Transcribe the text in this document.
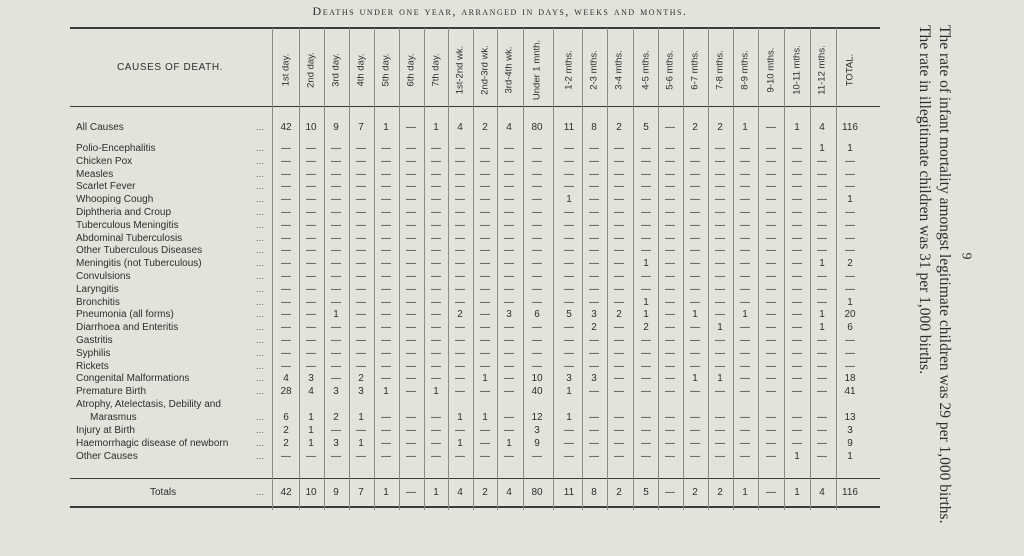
Deaths under one year, arranged in days, weeks and months.
CAUSES OF DEATH.	1st day. 2nd day. 3rd day. 4th day. 5th day. 6th day. 7th day. 1st-2nd wk. 2nd-3rd wk. 3rd-4th wk. Under 1 mnth. 1-2 mths. 2-3 mths. 3-4 mths. 4-5 mths. 5-6 mths. 6-7 mths. 7-8 mths. 8-9 mths. 9-10 mths. 10-11 mths. 11-12 mths. TOTAL.
All Causes	...	42	10	9	7	1	—	1	4	2	4	80	11	8	2	5	—	2	2	1	—	1	4	116
Polio-Encephalitis	...	—	—	—	—	—	—	—	—	—	—	—	—	—	—	—	—	—	—	—	—	—	1	1
Chicken Pox	...	—	—	—	—	—	—	—	—	—	—	—	—	—	—	—	—	—	—	—	—	—	—	—
Measles	...	—	—	—	—	—	—	—	—	—	—	—	—	—	—	—	—	—	—	—	—	—	—	—
Scarlet Fever	...	—	—	—	—	—	—	—	—	—	—	—	—	—	—	—	—	—	—	—	—	—	—	—
Whooping Cough	...	—	—	—	—	—	—	—	—	—	—	—	1	—	—	—	—	—	—	—	—	—	—	1
Diphtheria and Croup	...	—	—	—	—	—	—	—	—	—	—	—	—	—	—	—	—	—	—	—	—	—	—	—
Tuberculous Meningitis	...	—	—	—	—	—	—	—	—	—	—	—	—	—	—	—	—	—	—	—	—	—	—	—
Abdominal Tuberculosis	...	—	—	—	—	—	—	—	—	—	—	—	—	—	—	—	—	—	—	—	—	—	—	—
Other Tuberculous Diseases	...	—	—	—	—	—	—	—	—	—	—	—	—	—	—	—	—	—	—	—	—	—	—	—
Meningitis (not Tuberculous)	...	—	—	—	—	—	—	—	—	—	—	—	—	—	—	1	—	—	—	—	—	—	1	2
Convulsions	...	—	—	—	—	—	—	—	—	—	—	—	—	—	—	—	—	—	—	—	—	—	—	—
Laryngitis	...	—	—	—	—	—	—	—	—	—	—	—	—	—	—	—	—	—	—	—	—	—	—	—
Bronchitis	...	—	—	—	—	—	—	—	—	—	—	—	—	—	—	1	—	—	—	—	—	—	—	1
Pneumonia (all forms)	...	—	—	1	—	—	—	—	2	—	3	6	5	3	2	1	—	1	—	1	—	—	1	20
Diarrhoea and Enteritis	...	—	—	—	—	—	—	—	—	—	—	—	—	2	—	2	—	—	1	—	—	—	1	6
Gastritis	...	—	—	—	—	—	—	—	—	—	—	—	—	—	—	—	—	—	—	—	—	—	—	—
Syphilis	...	—	—	—	—	—	—	—	—	—	—	—	—	—	—	—	—	—	—	—	—	—	—	—
Rickets	...	—	—	—	—	—	—	—	—	—	—	—	—	—	—	—	—	—	—	—	—	—	—	—
Congenital Malformations	...	4	3	—	2	—	—	—	—	1	—	10	3	3	—	—	—	1	1	—	—	—	—	18
Premature Birth	...	28	4	3	3	1	—	1	—	—	—	40	1	—	—	—	—	—	—	—	—	—	—	41
Atrophy, Atelectasis, Debility and
...
Marasmus	6	1	2	1	—	—	—	1	1	—	12	1	—	—	—	—	—	—	—	—	—	—	13
Injury at Birth	...	2	1	—	—	—	—	—	—	—	—	3	—	—	—	—	—	—	—	—	—	—	—	3
Haemorrhagic disease of newborn	...	2	1	3	1	—	—	—	1	—	1	9	—	—	—	—	—	—	—	—	—	—	—	9
Other Causes	...	—	—	—	—	—	—	—	—	—	—	—	—	—	—	—	—	—	—	—	—	1	—	1
Totals	...	42	10	9	7	1	—	1	4	2	4	80	11	8	2	5	—	2	2	1	—	1	4	116	The rate of infant mortality amongst legitimate children was 29 per 1,000 births. The rate in illegitimate children was 31 per 1,000 births.	9
